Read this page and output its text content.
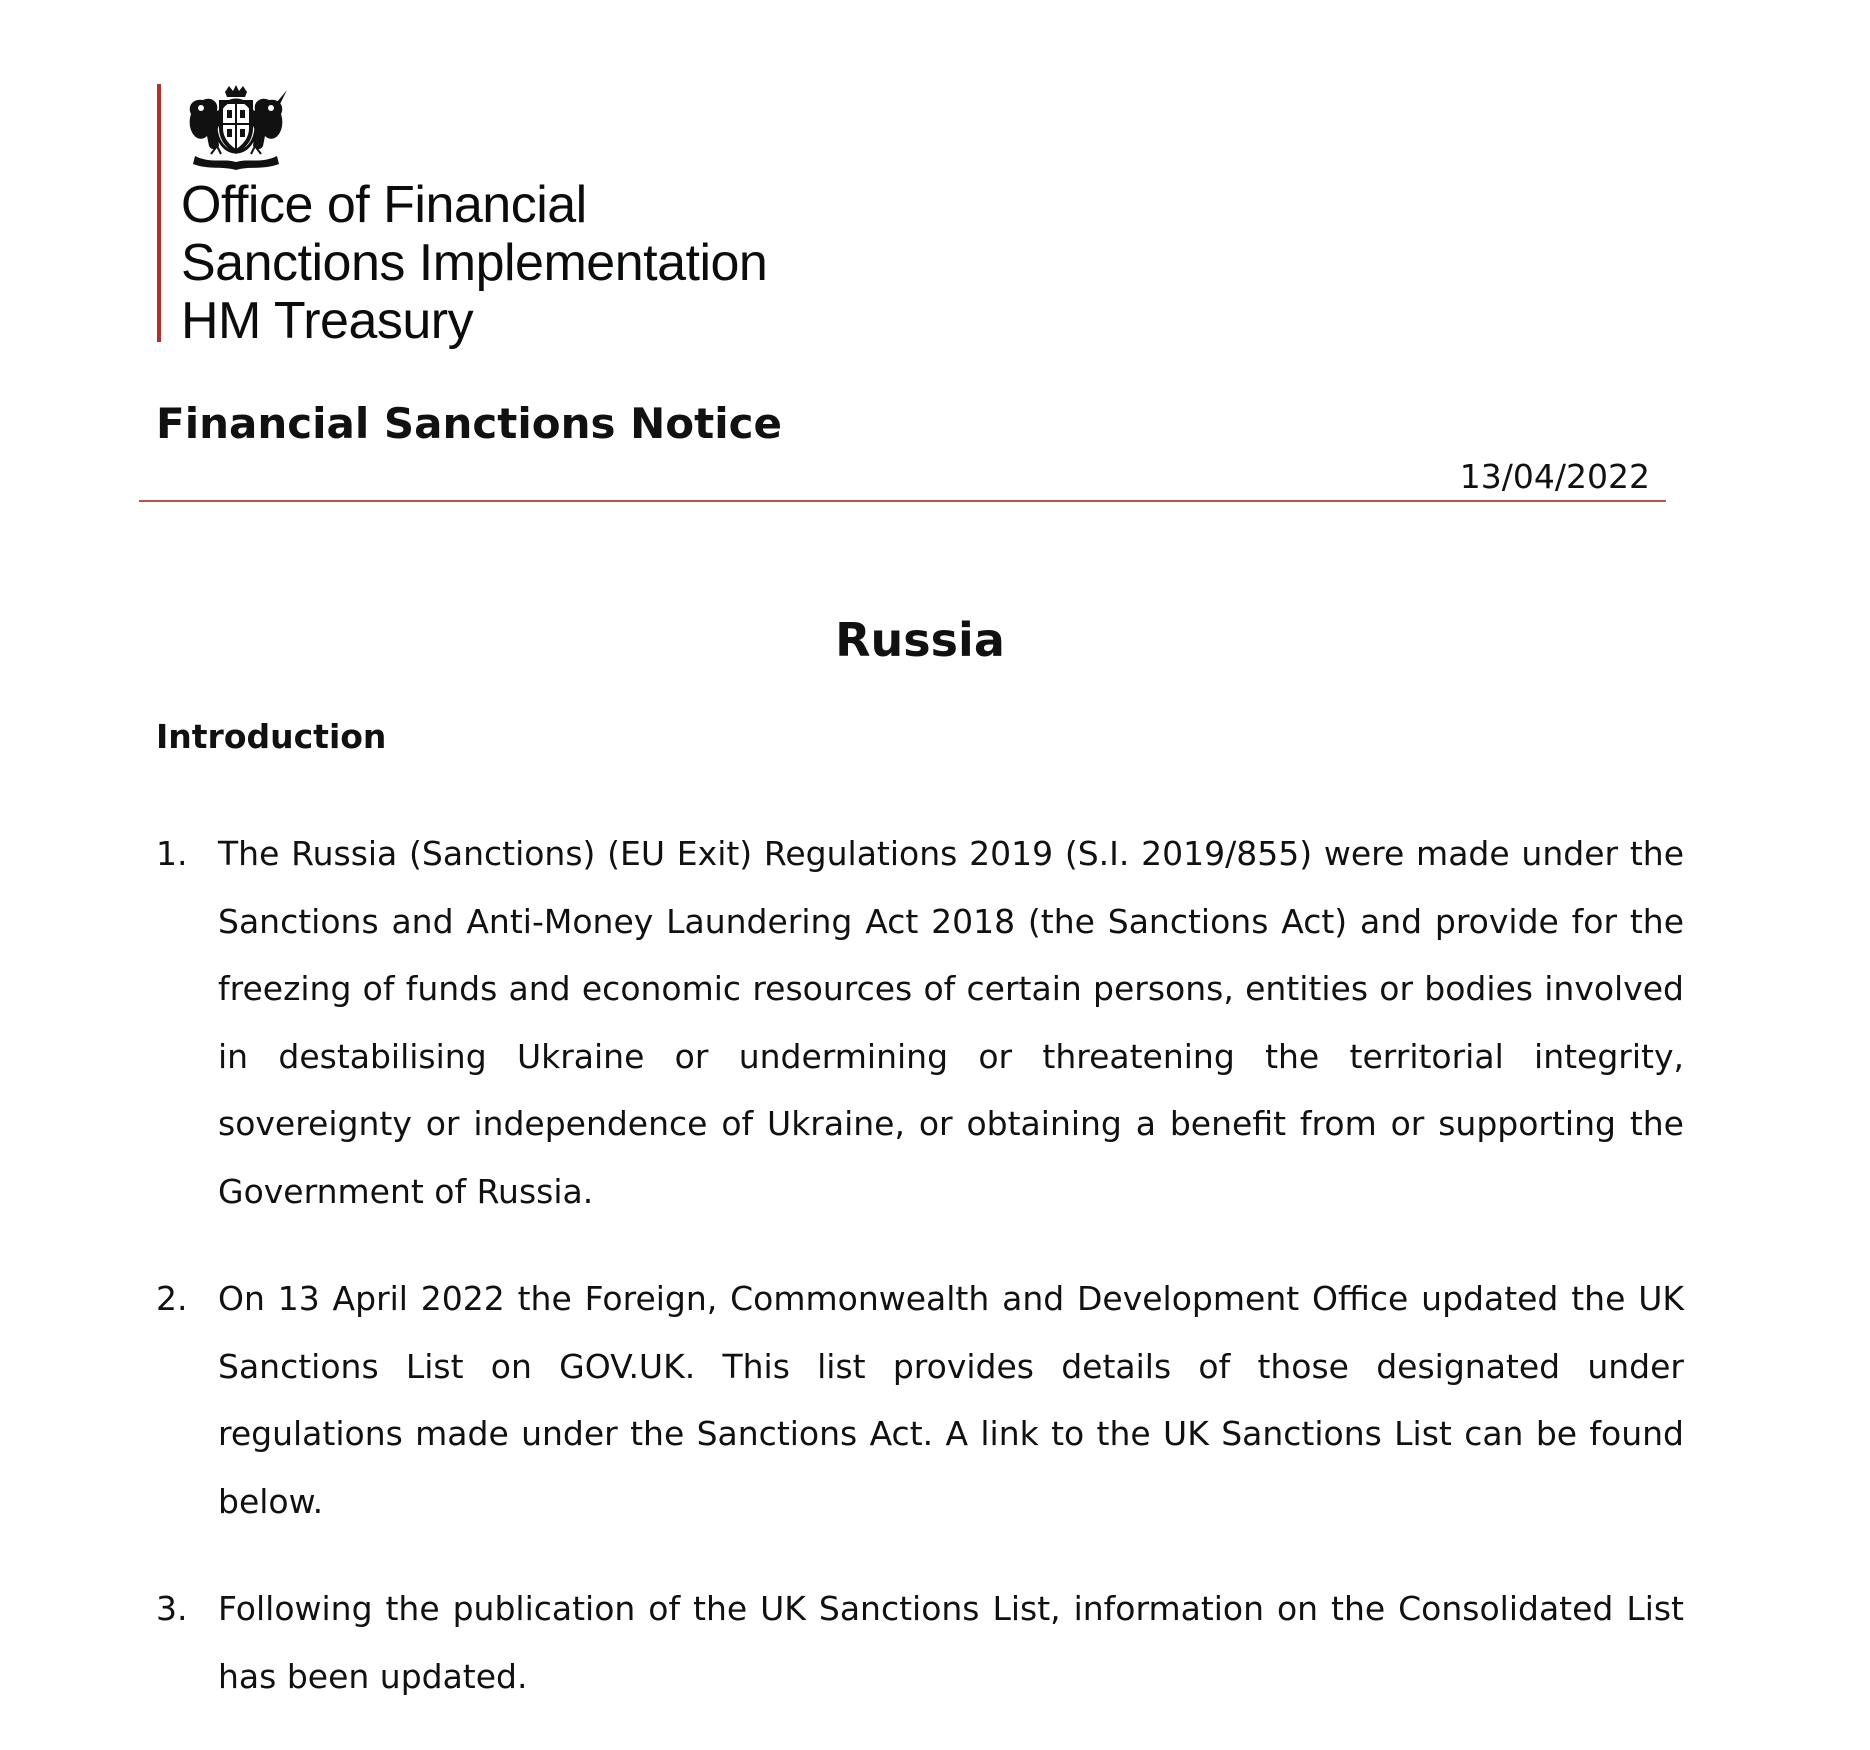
Office of Financial
Sanctions Implementation
HM Treasury
Financial Sanctions Notice
13/04/2022
Russia
Introduction
1. The Russia (Sanctions) (EU Exit) Regulations 2019 (S.I. 2019/855) were made under the Sanctions and Anti-Money Laundering Act 2018 (the Sanctions Act) and provide for the freezing of funds and economic resources of certain persons, entities or bodies involved in destabilising Ukraine or undermining or threatening the territorial integrity, sovereignty or independence of Ukraine, or obtaining a benefit from or supporting the Government of Russia.
2. On 13 April 2022 the Foreign, Commonwealth and Development Office updated the UK Sanctions List on GOV.UK. This list provides details of those designated under regulations made under the Sanctions Act. A link to the UK Sanctions List can be found below.
3. Following the publication of the UK Sanctions List, information on the Consolidated List has been updated.
